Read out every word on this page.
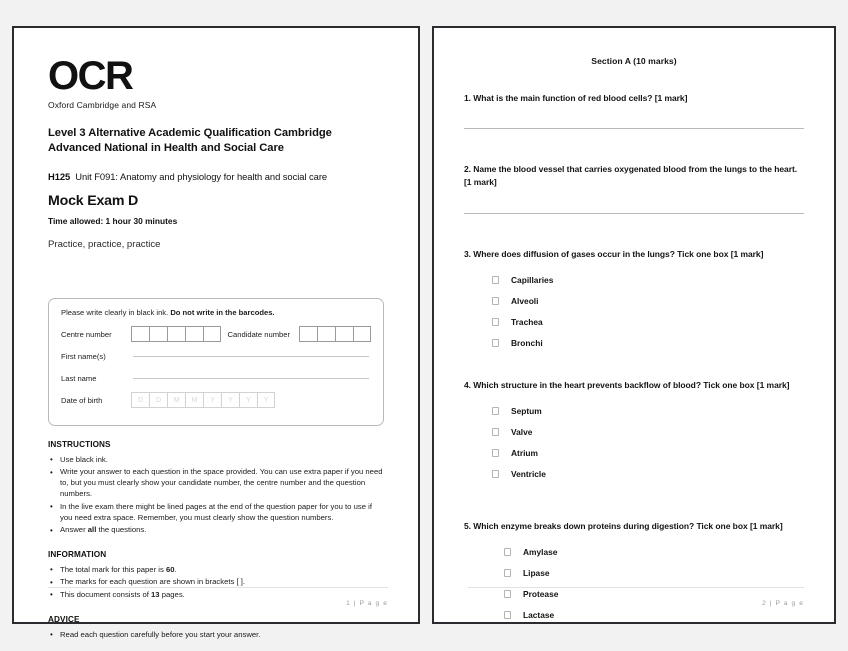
OCR
Oxford Cambridge and RSA
Level 3 Alternative Academic Qualification Cambridge Advanced National in Health and Social Care
H125 Unit F091: Anatomy and physiology for health and social care
Mock Exam D
Time allowed: 1 hour 30 minutes
Practice, practice, practice
Please write clearly in black ink. Do not write in the barcodes.
Centre number	Candidate number
First name(s)
Last name
Date of birth	D	D	M	M	Y	Y	Y	Y
INSTRUCTIONS
• Use black ink.
• Write your answer to each question in the space provided. You can use extra paper if you need to, but you must clearly show your candidate number, the centre number and the question numbers.
• In the live exam there might be lined pages at the end of the question paper for you to use if you need extra space. Remember, you must clearly show the question numbers.
• Answer all the questions.
INFORMATION
• The total mark for this paper is 60.
• The marks for each question are shown in brackets [ ].
• This document consists of 13 pages.
ADVICE
• Read each question carefully before you start your answer.
1 | P a g e
Section A (10 marks)
1. What is the main function of red blood cells? [1 mark]
2. Name the blood vessel that carries oxygenated blood from the lungs to the heart. [1 mark]
3. Where does diffusion of gases occur in the lungs? Tick one box [1 mark]
Capillaries
Alveoli
Trachea
Bronchi
4. Which structure in the heart prevents backflow of blood? Tick one box [1 mark]
Septum
Valve
Atrium
Ventricle
5. Which enzyme breaks down proteins during digestion? Tick one box [1 mark]
Amylase
Lipase
Protease
Lactase
2 | P a g e
